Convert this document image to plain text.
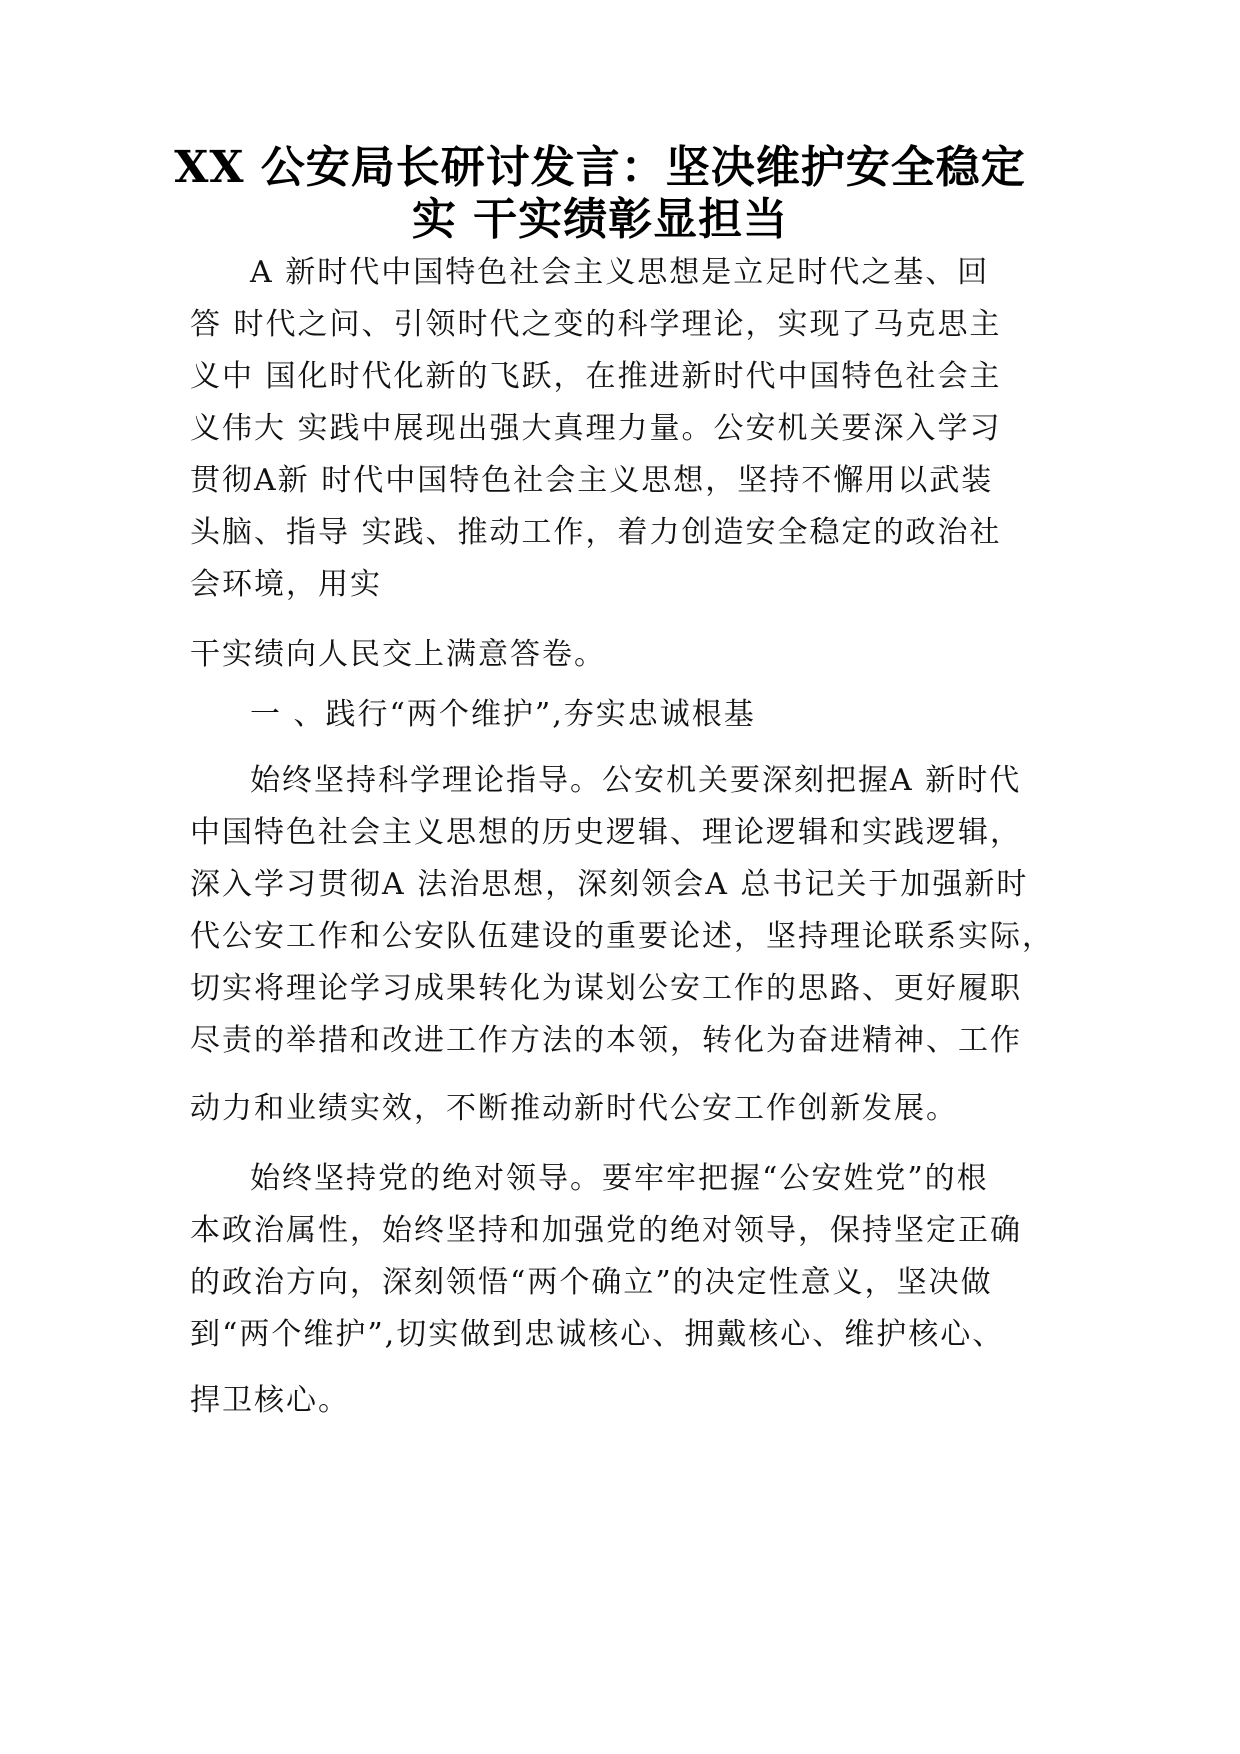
XX 公安局长研讨发言：坚决维护安全稳定
实 干实绩彰显担当

A 新时代中国特色社会主义思想是立足时代之基、回

答 时代之问、引领时代之变的科学理论，实现了马克思主

义中 国化时代化新的飞跃，在推进新时代中国特色社会主

义伟大 实践中展现出强大真理力量。公安机关要深入学习

贯彻A新 时代中国特色社会主义思想，坚持不懈用以武装

头脑、指导 实践、推动工作，着力创造安全稳定的政治社

会环境，用实

干实绩向人民交上满意答卷。

一 、践行“两个维护”,夯实忠诚根基

始终坚持科学理论指导。公安机关要深刻把握A 新时代

中国特色社会主义思想的历史逻辑、理论逻辑和实践逻辑，

深入学习贯彻A 法治思想，深刻领会A 总书记关于加强新时

代公安工作和公安队伍建设的重要论述，坚持理论联系实际，

切实将理论学习成果转化为谋划公安工作的思路、更好履职

尽责的举措和改进工作方法的本领，转化为奋进精神、工作

动力和业绩实效，不断推动新时代公安工作创新发展。

始终坚持党的绝对领导。要牢牢把握“公安姓党”的根

本政治属性，始终坚持和加强党的绝对领导，保持坚定正确

的政治方向，深刻领悟“两个确立”的决定性意义，坚决做

到“两个维护”,切实做到忠诚核心、拥戴核心、维护核心、

捍卫核心。
